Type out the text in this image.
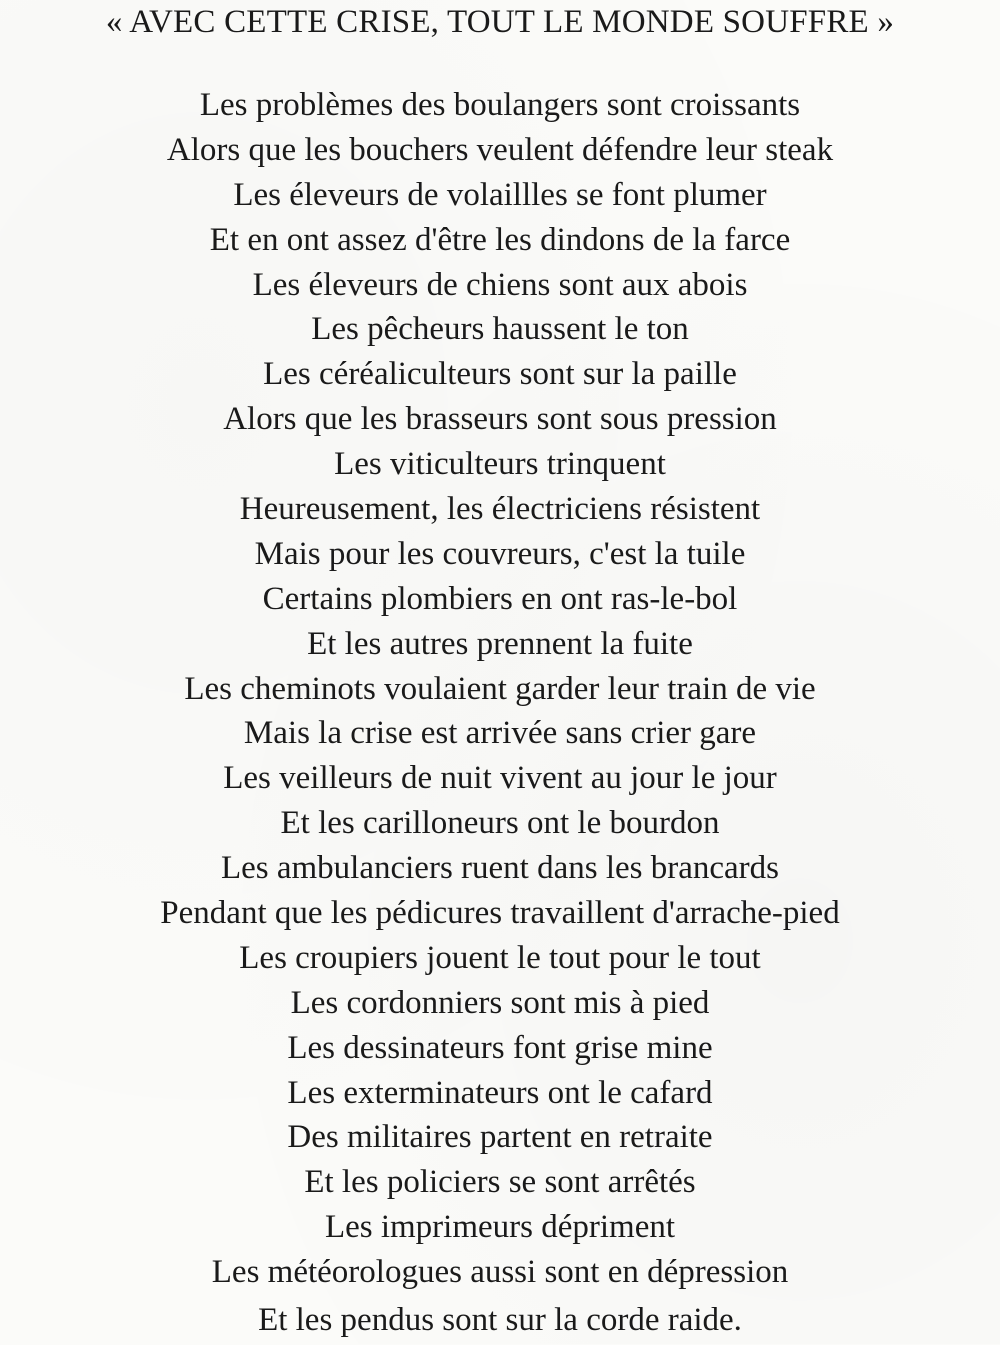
« AVEC CETTE CRISE, TOUT LE MONDE SOUFFRE »
Les problèmes des boulangers sont croissants
Alors que les bouchers veulent défendre leur steak
Les éleveurs de volaillles se font plumer
Et en ont assez d'être les dindons de la farce
Les éleveurs de chiens sont aux abois
Les pêcheurs haussent le ton
Les céréaliculteurs sont sur la paille
Alors que les brasseurs sont sous pression
Les viticulteurs trinquent
Heureusement, les électriciens résistent
Mais pour les couvreurs, c'est la tuile
Certains plombiers en ont ras-le-bol
Et les autres prennent la fuite
Les cheminots voulaient garder leur train de vie
Mais la crise est arrivée sans crier gare
Les veilleurs de nuit vivent au jour le jour
Et les carilloneurs ont le bourdon
Les ambulanciers ruent dans les brancards
Pendant que les pédicures travaillent d'arrache-pied
Les croupiers jouent le tout pour le tout
Les cordonniers sont mis à pied
Les dessinateurs font grise mine
Les exterminateurs ont le cafard
Des militaires partent en retraite
Et les policiers se sont arrêtés
Les imprimeurs dépriment
Les météorologues aussi sont en dépression
Et les pendus sont sur la corde raide.
